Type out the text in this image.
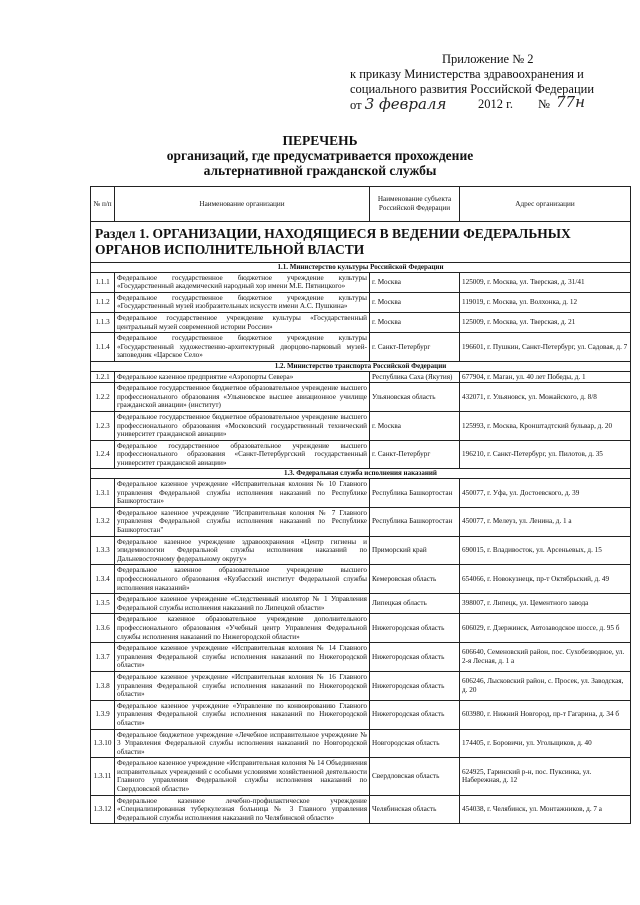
Приложение № 2
к приказу Министерства здравоохранения и
социального развития Российской Федерации
от 3 февраля	2012 г. № 77н
ПЕРЕЧЕНЬ
организаций, где предусматривается прохождение
альтернативной гражданской службы
№ п/п	Наименование организации	Наименование субъекта Российской Федерации	Адрес организации
Раздел 1. ОРГАНИЗАЦИИ, НАХОДЯЩИЕСЯ В ВЕДЕНИИ ФЕДЕРАЛЬНЫХ ОРГАНОВ ИСПОЛНИТЕЛЬНОЙ ВЛАСТИ			
1.1. Министерство культуры Российской Федерации			
1.1.1	Федеральное государственное бюджетное учреждение культуры «Государственный академический народный хор имени М.Е. Пятницкого»	г. Москва	125009, г. Москва, ул. Тверская, д. 31/41
1.1.2	Федеральное государственное бюджетное учреждение культуры «Государственный музей изобразительных искусств имени А.С. Пушкина»	г. Москва	119019, г. Москва, ул. Волхонка, д. 12
1.1.3	Федеральное государственное учреждение культуры «Государственный центральный музей современной истории России»	г. Москва	125009, г. Москва, ул. Тверская, д. 21
1.1.4	Федеральное государственное бюджетное учреждение культуры «Государственный художественно-архитектурный дворцово-парковый музей-заповедник «Царское Село»	г. Санкт-Петербург	196601, г. Пушкин, Санкт-Петербург, ул. Садовая, д. 7
1.2. Министерство транспорта Российской Федерации			
1.2.1	Федеральное казенное предприятие «Аэропорты Севера»	Республика Саха (Якутия)	677904, г. Маган, ул. 40 лет Победы, д. 1
1.2.2	Федеральное государственное бюджетное образовательное учреждение высшего профессионального образования «Ульяновское высшее авиационное училище гражданской авиации» (институт)	Ульяновская область	432071, г. Ульяновск, ул. Можайского, д. 8/8
1.2.3	Федеральное государственное бюджетное образовательное учреждение высшего профессионального образования «Московский государственный технический университет гражданской авиации»	г. Москва	125993, г. Москва, Кронштадтский бульвар, д. 20
1.2.4	Федеральное государственное образовательное учреждение высшего профессионального образования «Санкт-Петербургский государственный университет гражданской авиации»	г. Санкт-Петербург	196210, г. Санкт-Петербург, ул. Пилотов, д. 35
1.3. Федеральная служба исполнения наказаний			
1.3.1	Федеральное казенное учреждение «Исправительная колония № 10 Главного управления Федеральной службы исполнения наказаний по Республике Башкортостан»	Республика Башкортостан	450077, г. Уфа, ул. Достоевского, д. 39
1.3.2	Федеральное казенное учреждение "Исправительная колония № 7 Главного управления Федеральной службы исполнения наказаний по Республике Башкортостан"	Республика Башкортостан	450077, г. Мелеуз, ул. Ленина, д. 1 а
1.3.3	Федеральное казенное учреждение здравоохранения «Центр гигиены и эпидемиологии Федеральной службы исполнения наказаний по Дальневосточному федеральному округу»	Приморский край	690015, г. Владивосток, ул. Арсеньевых, д. 15
1.3.4	Федеральное казенное образовательное учреждение высшего профессионального образования «Кузбасский институт Федеральной службы исполнения наказаний»	Кемеровская область	654066, г. Новокузнецк, пр-т Октябрьский, д. 49
1.3.5	Федеральное казенное учреждение «Следственный изолятор № 1 Управления Федеральной службы исполнения наказаний по Липецкой области»	Липецкая область	398007, г. Липецк, ул. Цементного завода
1.3.6	Федеральное казенное образовательное учреждение дополнительного профессионального образования «Учебный центр Управления Федеральной службы исполнения наказаний по Нижегородской области»	Нижегородская область	606029, г. Дзержинск, Автозаводское шоссе, д. 95 б
1.3.7	Федеральное казенное учреждение «Исправительная колония № 14 Главного управления Федеральной службы исполнения наказаний по Нижегородской области»	Нижегородская область	606640, Семеновский район, пос. Сухобезводное, ул. 2-я Лесная, д. 1 а
1.3.8	Федеральное казенное учреждение «Исправительная колония № 16 Главного управления Федеральной службы исполнения наказаний по Нижегородской области»	Нижегородская область	606246, Лысковский район, с. Просек, ул. Заводская, д. 20
1.3.9	Федеральное казенное учреждение «Управление по конвоированию Главного управления Федеральной службы исполнения наказаний по Нижегородской области»	Нижегородская область	603980, г. Нижний Новгород, пр-т Гагарина, д. 34 б
1.3.10	Федеральное бюджетное учреждение «Лечебное исправительное учреждение № 3 Управления Федеральной службы исполнения наказаний по Новгородской области»	Новгородская область	174405, г. Боровичи, ул. Угольщиков, д. 40
1.3.11	Федеральное казенное учреждение «Исправительная колония № 14 Объединения исправительных учреждений с особыми условиями хозяйственной деятельности Главного управления Федеральной службы исполнения наказаний по Свердловской области»	Свердловская область	624925, Гаринский р-н, пос. Пуксинка, ул. Набережная, д. 12
1.3.12	Федеральное казенное лечебно-профилактическое учреждение «Специализированная туберкулезная больница № 3 Главного управления Федеральной службы исполнения наказаний по Челябинской области»	Челябинская область	454038, г. Челябинск, ул. Монтажников, д. 7 а
